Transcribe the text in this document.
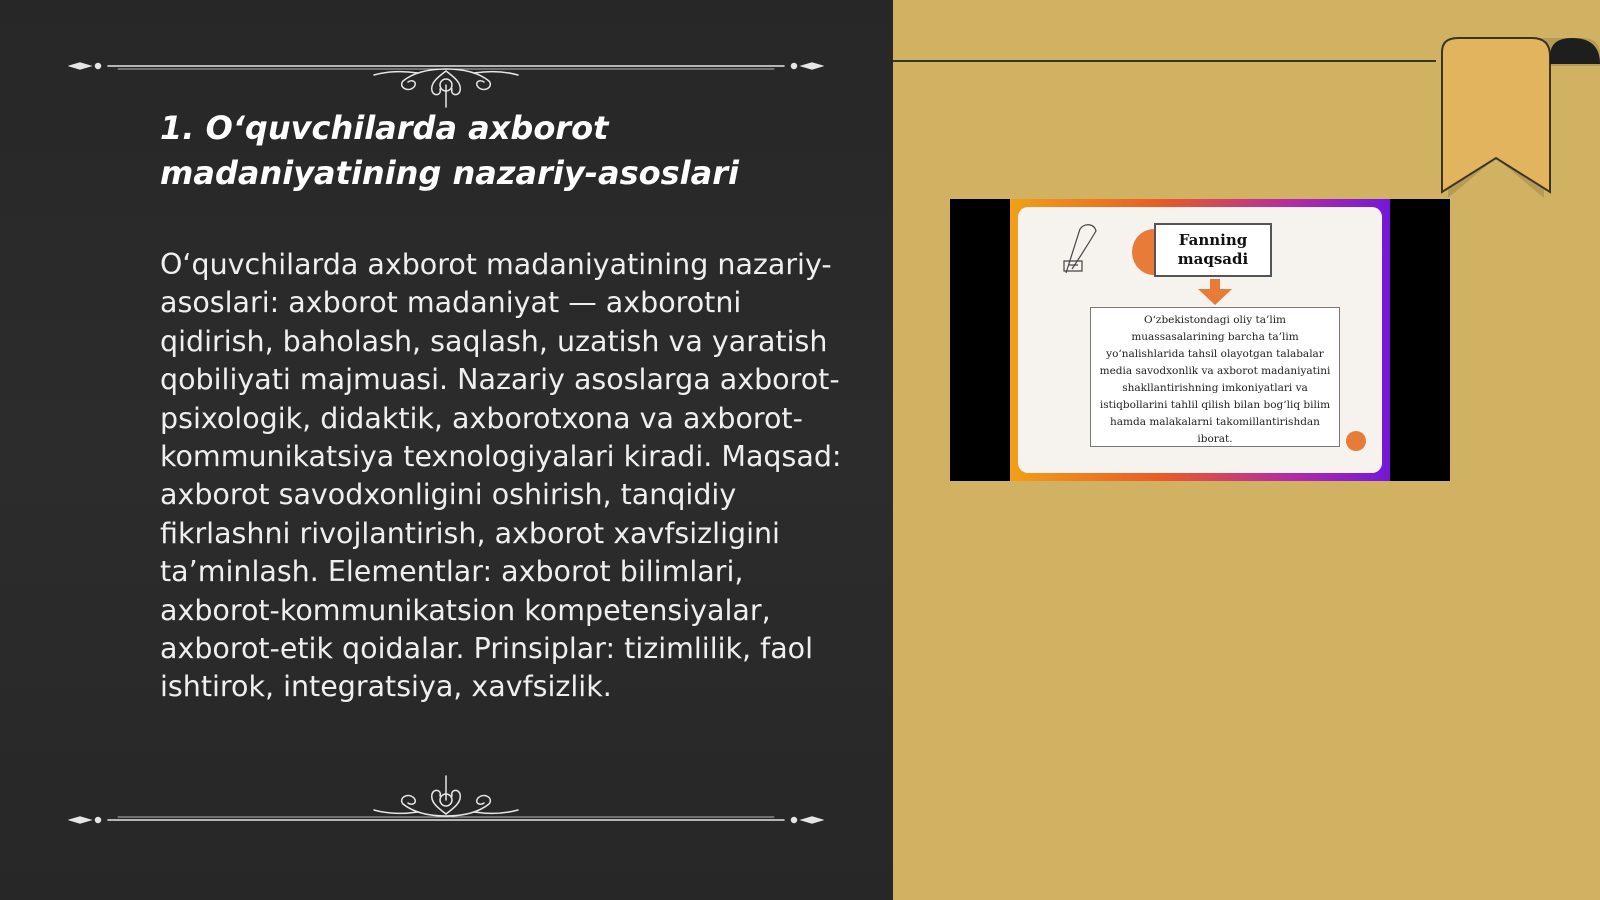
1. O‘quvchilarda axborot madaniyatining nazariy-asoslari

O‘quvchilarda axborot madaniyatining nazariy-asoslari: axborot madaniyat — axborotni qidirish, baholash, saqlash, uzatish va yaratish qobiliyati majmuasi. Nazariy asoslarga axborot-psixologik, didaktik, axborotxona va axborot-kommunikatsiya texnologiyalari kiradi. Maqsad: axborot savodxonligini oshirish, tanqidiy fikrlashni rivojlantirish, axborot xavfsizligini ta’minlash. Elementlar: axborot bilimlari, axborot-kommunikatsion kompetensiyalar, axborot-etik qoidalar. Prinsiplar: tizimlilik, faol ishtirok, integratsiya, xavfsizlik.

Fanning maqsadi
O‘zbekistondagi oliy ta’lim muassasalarining barcha ta’lim yo‘nalishlarida tahsil olayotgan talabalar media savodxonlik va axborot madaniyatini shakllantirishning imkoniyatlari va istiqbollarini tahlil qilish bilan bog‘liq bilim hamda malakalarni takomillantirishdan iborat.
